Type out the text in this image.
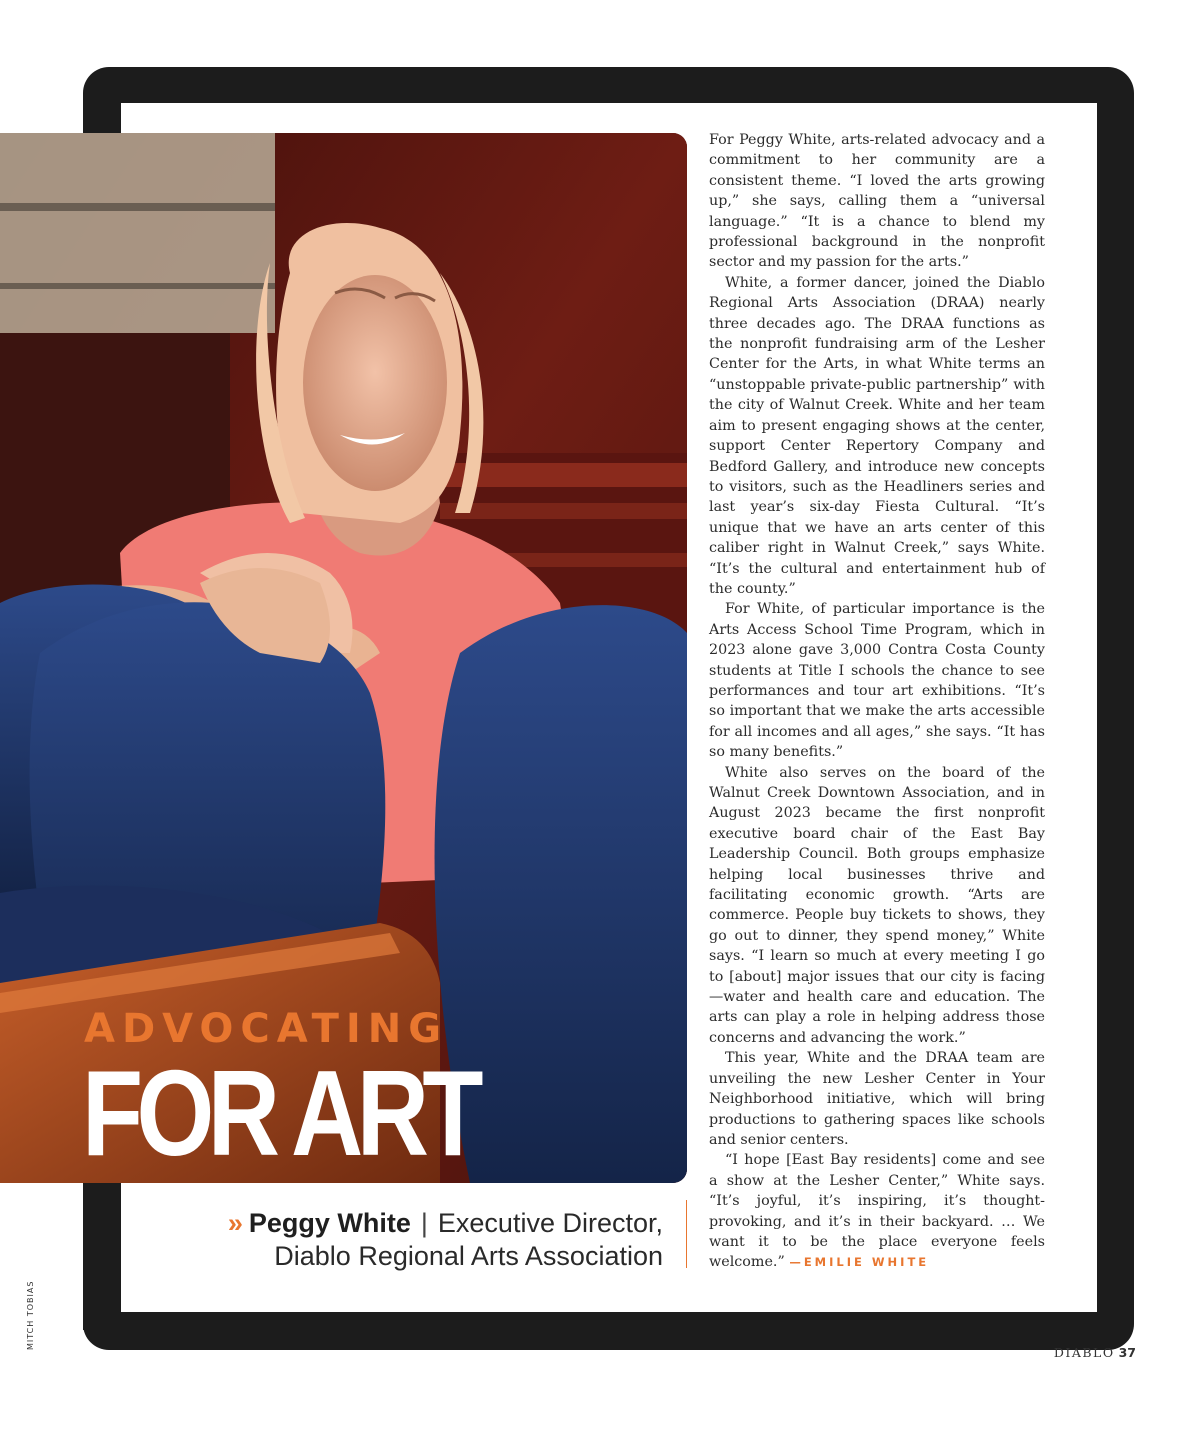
ADVOCATING
FOR ART
» Peggy White | Executive Director,
Diablo Regional Arts Association

For Peggy White, arts-related advocacy and a commitment to her community are a consistent theme. “I loved the arts growing up,” she says, calling them a “universal language.” “It is a chance to blend my professional background in the nonprofit sector and my passion for the arts.”

White, a former dancer, joined the Diablo Regional Arts Association (DRAA) nearly three decades ago. The DRAA functions as the nonprofit fundraising arm of the Lesher Center for the Arts, in what White terms an “unstoppable private-public partnership” with the city of Walnut Creek. White and her team aim to present engaging shows at the center, support Center Repertory Company and Bedford Gallery, and introduce new concepts to visitors, such as the Headliners series and last year’s six-day Fiesta Cultural. “It’s unique that we have an arts center of this caliber right in Walnut Creek,” says White. “It’s the cultural and entertainment hub of the county.”

For White, of particular importance is the Arts Access School Time Program, which in 2023 alone gave 3,000 Contra Costa County students at Title I schools the chance to see performances and tour art exhibitions. “It’s so important that we make the arts accessible for all incomes and all ages,” she says. “It has so many benefits.”

White also serves on the board of the Walnut Creek Downtown Association, and in August 2023 became the first nonprofit executive board chair of the East Bay Leadership Council. Both groups emphasize helping local businesses thrive and facilitating economic growth. “Arts are commerce. People buy tickets to shows, they go out to dinner, they spend money,” White says. “I learn so much at every meeting I go to [about] major issues that our city is facing—water and health care and education. The arts can play a role in helping address those concerns and advancing the work.”

This year, White and the DRAA team are unveiling the new Lesher Center in Your Neighborhood initiative, which will bring productions to gathering spaces like schools and senior centers.

“I hope [East Bay residents] come and see a show at the Lesher Center,” White says. “It’s joyful, it’s inspiring, it’s thought-provoking, and it’s in their backyard. … We want it to be the place everyone feels welcome.” —EMILIE WHITE

MITCH TOBIAS
DIABLO 37
